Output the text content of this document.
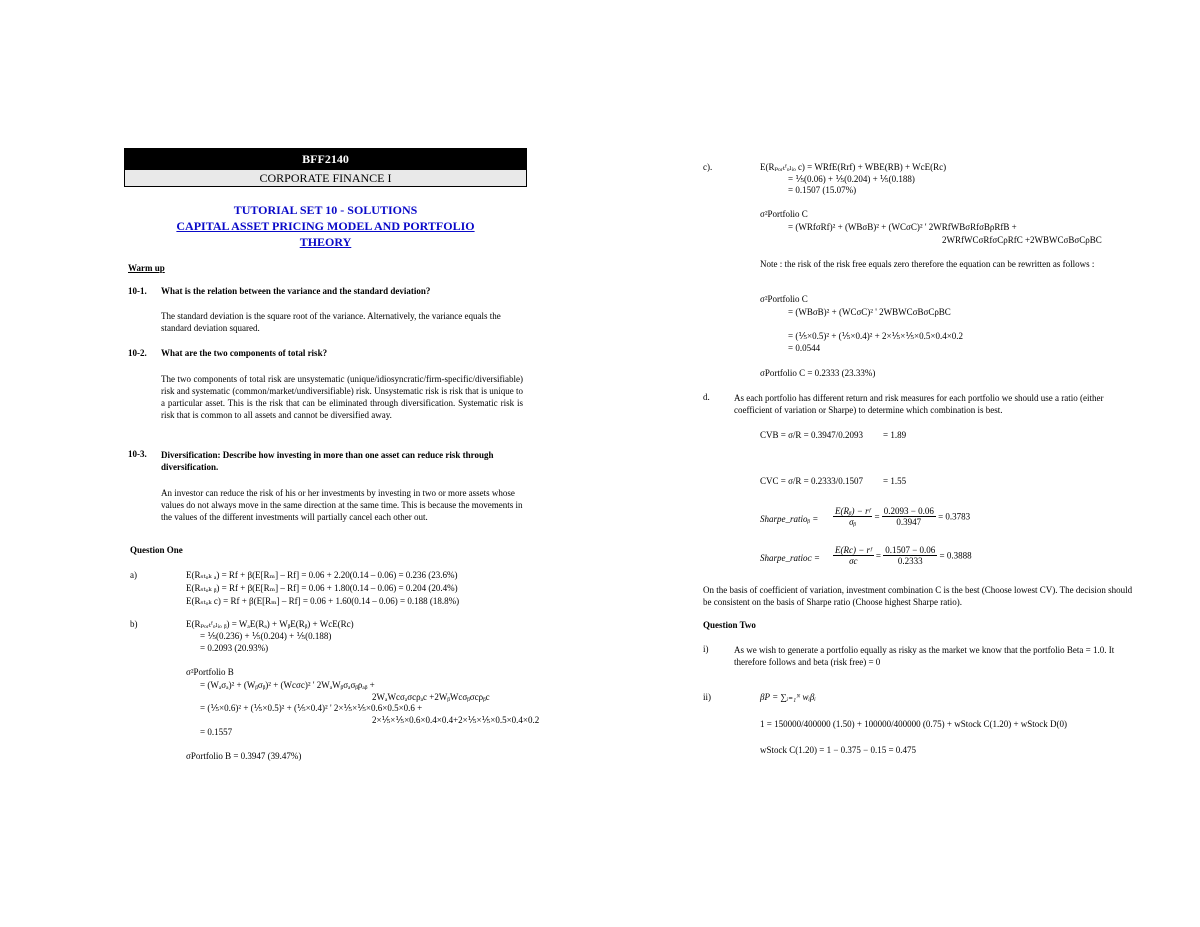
BFF2140
CORPORATE FINANCE I
TUTORIAL SET 10 - SOLUTIONS
CAPITAL ASSET PRICING MODEL AND PORTFOLIO
THEORY
Warm up
10-1. What is the relation between the variance and the standard deviation?
The standard deviation is the square root of the variance. Alternatively, the variance equals the standard deviation squared.
10-2. What are the two components of total risk?
The two components of total risk are unsystematic (unique/idiosyncratic/firm-specific/diversifiable) risk and systematic (common/market/undiversifiable) risk. Unsystematic risk is risk that is unique to a particular asset. This is the risk that can be eliminated through diversification. Systematic risk is risk that is common to all assets and cannot be diversified away.
10-3. Diversification: Describe how investing in more than one asset can reduce risk through diversification.
An investor can reduce the risk of his or her investments by investing in two or more assets whose values do not always move in the same direction at the same time. This is because the movements in the values of the different investments will partially cancel each other out.
Question One
a)	E(Rₛₜₒₖ ₐ) = Rf + β(E[Rₘ] – Rf] = 0.06 + 2.20(0.14 – 0.06) = 0.236 (23.6%)
E(Rₛₜₒₖ ᵦ) = Rf + β(E[Rₘ] – Rf] = 0.06 + 1.80(0.14 – 0.06) = 0.204 (20.4%)
E(Rₛₜₒₖ c) = Rf + β(E[Rₘ] – Rf] = 0.06 + 1.60(0.14 – 0.06) = 0.188 (18.8%)
b)	E(Rₚₒᵣₜᶠₒₗᵢₒ ᵦ) = WₐE(Rₐ) + WᵦE(Rᵦ) + WcE(Rc)
= ⅕(0.236) + ⅕(0.204) + ⅕(0.188)
= 0.2093 (20.93%)
σ²Portfolio B
= (Wₐσₐ)² + (Wᵦσᵦ)² + (Wcσc)² ' 2WₐWᵦσₐσᵦρₐᵦ +
2WₐWcσₐσcρₐc +2WᵦWcσᵦσcρᵦc
= (⅕×0.6)² + (⅕×0.5)² + (⅕×0.4)² ' 2×⅕×⅕×0.6×0.5×0.6 +
2×⅕×⅕×0.6×0.4×0.4+2×⅕×⅕×0.5×0.4×0.2
= 0.1557
σPortfolio B = 0.3947 (39.47%)
c).	E(Rₚₒᵣₜᶠₒₗᵢₒ c) = WRfE(Rrf) + WBE(RB) + WcE(Rc)
= ⅕(0.06) + ⅕(0.204) + ⅕(0.188)
= 0.1507 (15.07%)
σ²Portfolio C
= (WRfσRf)² + (WBσB)² + (WCσC)² ' 2WRfWBσRfσBρRfB +
2WRfWCσRfσCρRfC +2WBWCσBσCρBC
Note : the risk of the risk free equals zero therefore the equation can be rewritten as follows :
σ²Portfolio C
= (WBσB)² + (WCσC)² ' 2WBWCσBσCρBC
= (⅕×0.5)² + (⅕×0.4)² + 2×⅕×⅕×0.5×0.4×0.2
= 0.0544
σPortfolio C = 0.2333 (23.33%)
d.	As each portfolio has different return and risk measures for each portfolio we should use a ratio (either coefficient of variation or Sharpe) to determine which combination is best.
CVB = σ/R = 0.3947/0.2093 = 1.89
CVC = σ/R = 0.2333/0.1507 = 1.55
Sharpe_ratioᵦ = $\frac{\text{E(Rᵦ) − rᶠ}}{\text{σᵦ}} = \frac{0.2093 - 0.06}{0.3947} = 0.3783$
Sharpe_ratioᴄ = $\frac{\text{E(Rc) − rᶠ}}{\sigma c} = \frac{0.1507 - 0.06}{0.2333} = 0.3888$
On the basis of coefficient of variation, investment combination C is the best (Choose lowest CV). The decision should be consistent on the basis of Sharpe ratio (Choose highest Sharpe ratio).
Question Two
i)	As we wish to generate a portfolio equally as risky as the market we know that the portfolio Beta = 1.0. It therefore follows and beta (risk free) = 0
ii)	βP = ∑ᵢ₌₁ᴺ wᵢβᵢ
1 = 150000/400000 (1.50) + 100000/400000 (0.75) + wStock C(1.20) + wStock D(0)
wStock C(1.20) = 1 − 0.375 − 0.15 = 0.475
